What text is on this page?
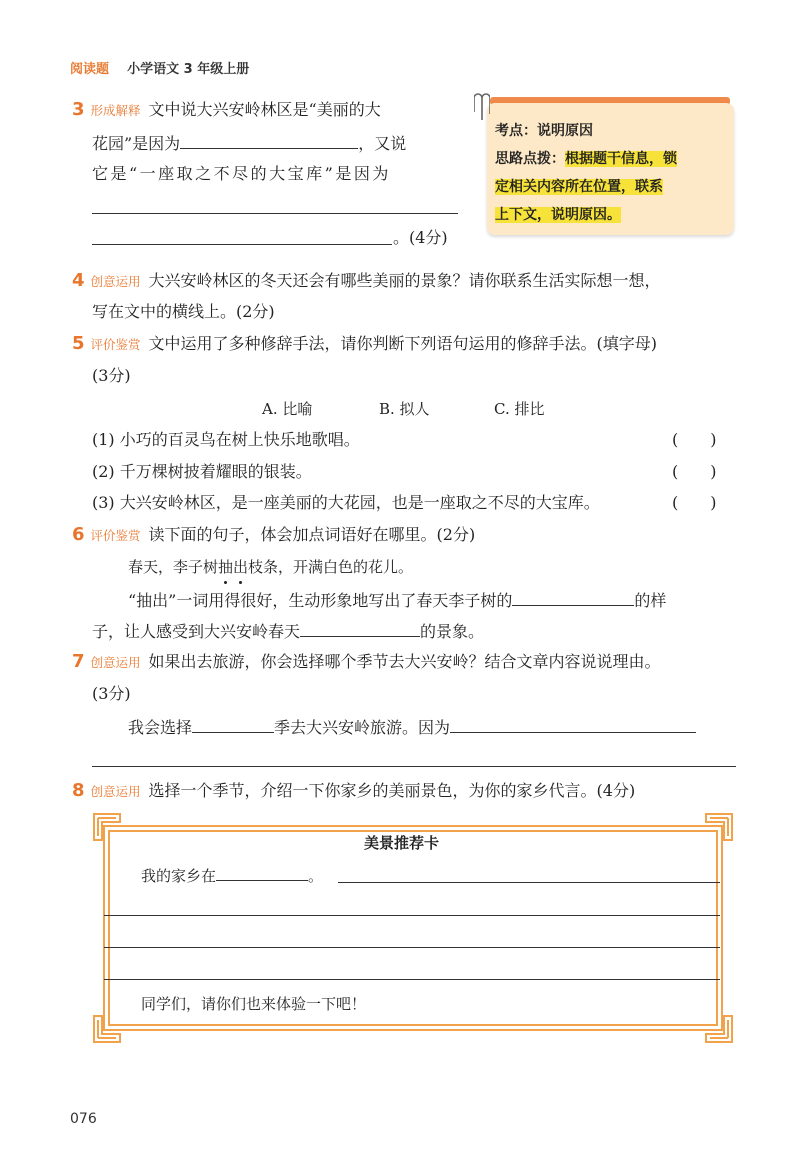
阅读题 小学语文 3 年级上册
3 形成解释 文中说大兴安岭林区是“美丽的大
花园”是因为	，又说
它是“一座取之不尽的大宝库”是因为
。(4分)
考点：说明原因
思路点拨：根据题干信息，锁
定相关内容所在位置，联系
上下文，说明原因。
4 创意运用 大兴安岭林区的冬天还会有哪些美丽的景象？请你联系生活实际想一想，
写在文中的横线上。(2分)
5 评价鉴赏 文中运用了多种修辞手法，请你判断下列语句运用的修辞手法。(填字母)
(3分)
A. 比喻	B. 拟人	C. 排比
(1) 小巧的百灵鸟在树上快乐地歌唱。	(　　)
(2) 千万棵树披着耀眼的银装。	(　　)
(3) 大兴安岭林区，是一座美丽的大花园，也是一座取之不尽的大宝库。	(　　)
6 评价鉴赏 读下面的句子，体会加点词语好在哪里。(2分)
春天，李子树抽出枝条，开满白色的花儿。
“抽出”一词用得很好，生动形象地写出了春天李子树的	的样
子，让人感受到大兴安岭春天	的景象。
7 创意运用 如果出去旅游，你会选择哪个季节去大兴安岭？结合文章内容说说理由。
(3分)
我会选择	季去大兴安岭旅游。因为
8 创意运用 选择一个季节，介绍一下你家乡的美丽景色，为你的家乡代言。(4分)
美景推荐卡
我的家乡在	。
同学们，请你们也来体验一下吧！
076
